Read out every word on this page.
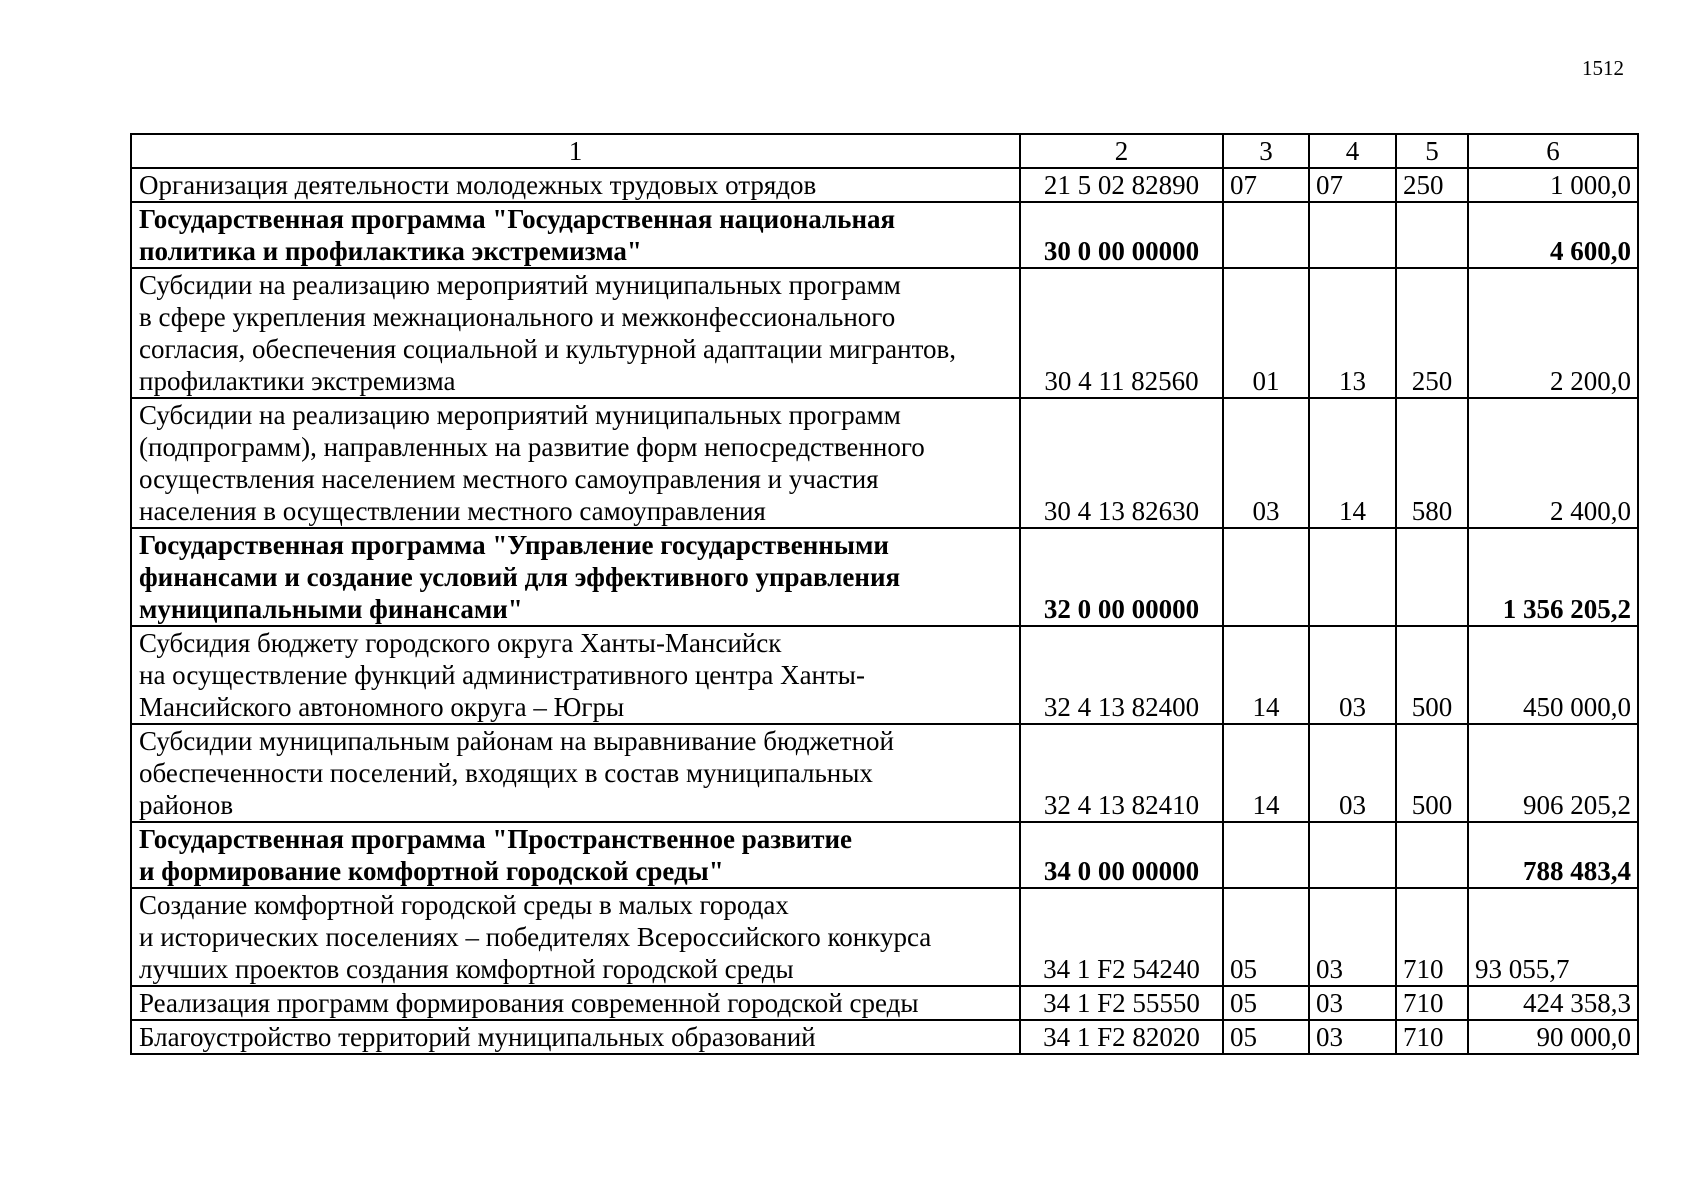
1512
1	2	3	4	5	6

Организация деятельности молодежных трудовых отрядов	21 5 02 82890	07	07	250	1 000,0

Государственная программа "Государственная национальная
политика и профилактика экстремизма"	30 0 00 00000				4 600,0

Субсидии на реализацию мероприятий муниципальных программ
в сфере укрепления межнационального и межконфессионального
согласия, обеспечения социальной и культурной адаптации мигрантов,
профилактики экстремизма	30 4 11 82560	01	13	250	2 200,0

Субсидии на реализацию мероприятий муниципальных программ
(подпрограмм), направленных на развитие форм непосредственного
осуществления населением местного самоуправления и участия
населения в осуществлении местного самоуправления	30 4 13 82630	03	14	580	2 400,0

Государственная программа "Управление государственными
финансами и создание условий для эффективного управления
муниципальными финансами"	32 0 00 00000				1 356 205,2

Субсидия бюджету городского округа Ханты-Мансийск
на осуществление функций административного центра Ханты-
Мансийского автономного округа – Югры	32 4 13 82400	14	03	500	450 000,0

Субсидии муниципальным районам на выравнивание бюджетной
обеспеченности поселений, входящих в состав муниципальных
районов	32 4 13 82410	14	03	500	906 205,2

Государственная программа "Пространственное развитие
и формирование комфортной городской среды"	34 0 00 00000				788 483,4

Создание комфортной городской среды в малых городах
и исторических поселениях – победителях Всероссийского конкурса
лучших проектов создания комфортной городской среды	34 1 F2 54240	05	03	710	93 055,7

Реализация программ формирования современной городской среды	34 1 F2 55550	05	03	710	424 358,3

Благоустройство территорий муниципальных образований	34 1 F2 82020	05	03	710	90 000,0
